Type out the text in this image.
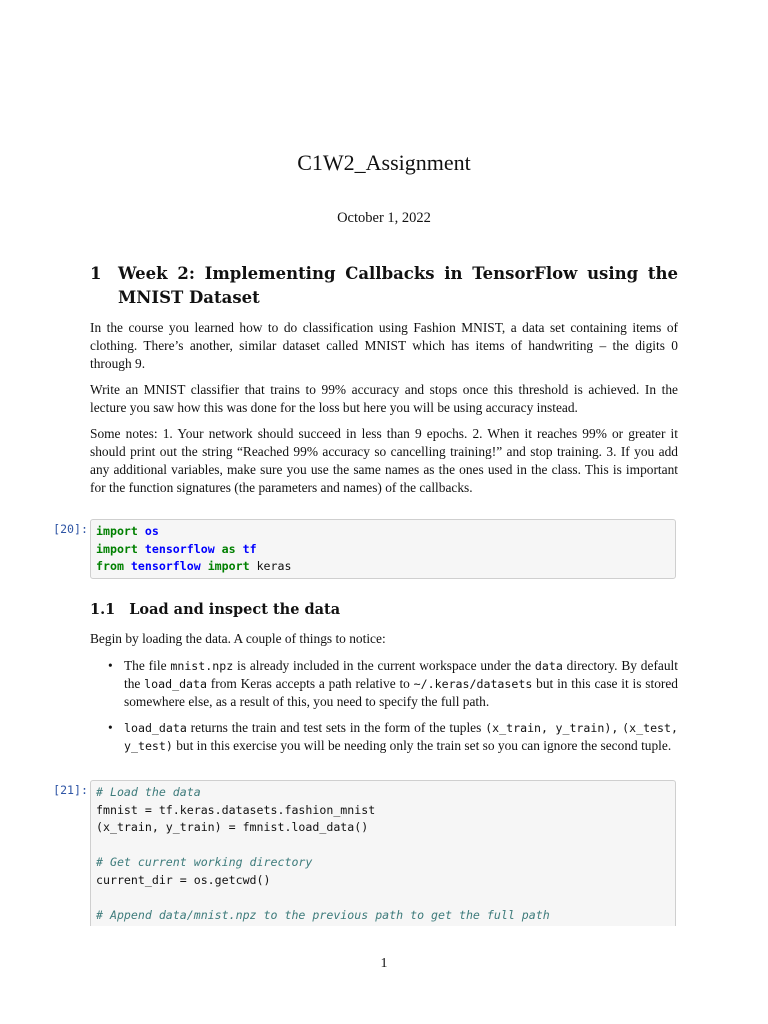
C1W2_Assignment
October 1, 2022
1 Week 2: Implementing Callbacks in TensorFlow using the MNIST Dataset

In the course you learned how to do classification using Fashion MNIST, a data set containing items of clothing. There’s another, similar dataset called MNIST which has items of handwriting – the digits 0 through 9.

Write an MNIST classifier that trains to 99% accuracy and stops once this threshold is achieved. In the lecture you saw how this was done for the loss but here you will be using accuracy instead.

Some notes: 1. Your network should succeed in less than 9 epochs. 2. When it reaches 99% or greater it should print out the string “Reached 99% accuracy so cancelling training!” and stop training. 3. If you add any additional variables, make sure you use the same names as the ones used in the class. This is important for the function signatures (the parameters and names) of the callbacks.

[20]: import os
import tensorflow as tf
from tensorflow import keras
1.1 Load and inspect the data

Begin by loading the data. A couple of things to notice:

• The file mnist.npz is already included in the current workspace under the data directory. By default the load_data from Keras accepts a path relative to ~/.keras/datasets but in this case it is stored somewhere else, as a result of this, you need to specify the full path.
• load_data returns the train and test sets in the form of the tuples (x_train, y_train), (x_test, y_test) but in this exercise you will be needing only the train set so you can ignore the second tuple.
[21]: # Load the data
fmnist = tf.keras.datasets.fashion_mnist
(x_train, y_train) = fmnist.load_data()

# Get current working directory
current_dir = os.getcwd()

# Append data/mnist.npz to the previous path to get the full path
1
